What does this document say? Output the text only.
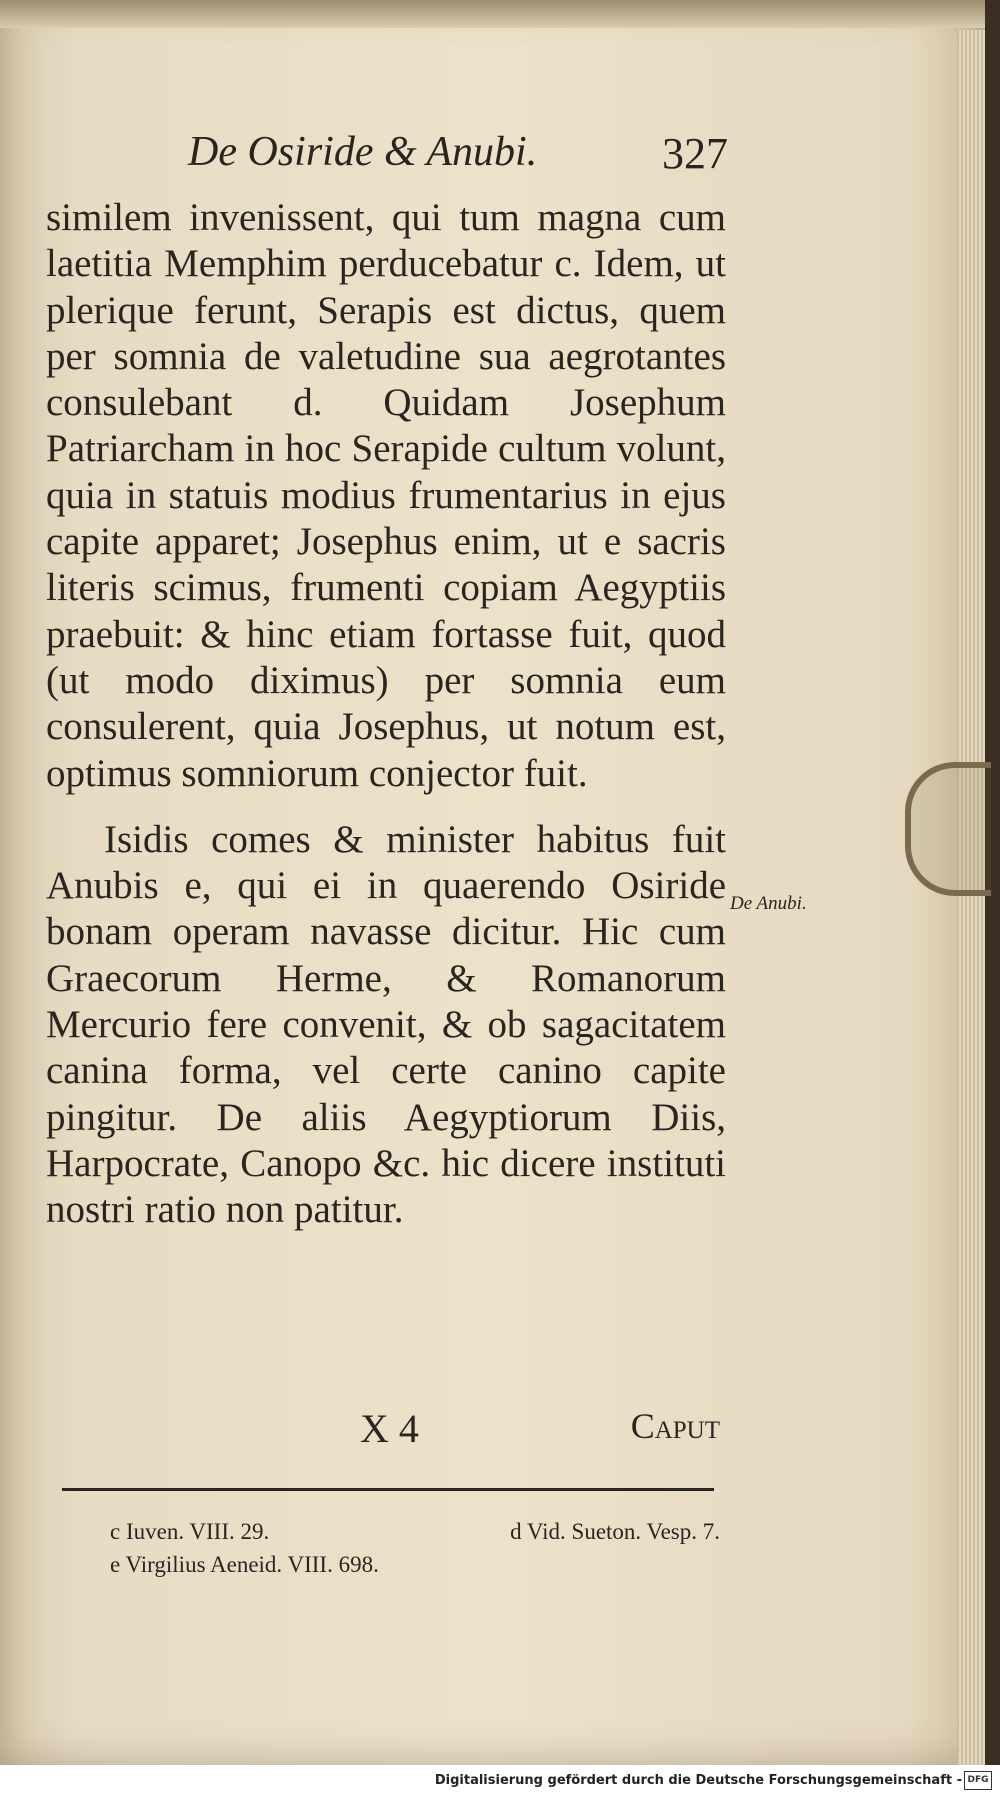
De Osiride & Anubi.	327

similem invenissent, qui tum magna cum laetitia Memphim perducebatur c. Idem, ut plerique ferunt, Serapis est dictus, quem per somnia de valetudine sua aegrotantes consulebant d. Quidam Josephum Patriarcham in hoc Serapide cultum volunt, quia in statuis modius frumentarius in ejus capite apparet; Josephus enim, ut e sacris literis scimus, frumenti copiam Aegyptiis praebuit: & hinc etiam fortasse fuit, quod (ut modo diximus) per somnia eum consulerent, quia Josephus, ut notum est, optimus somniorum conjector fuit.

Isidis comes & minister habitus fuit Anubis e, qui ei in quaerendo Osiride bonam operam navasse dicitur. Hic cum Graecorum Herme, & Romanorum Mercurio fere convenit, & ob sagacitatem canina forma, vel certe canino capite pingitur. De aliis Aegyptiorum Diis, Harpocrate, Canopo &c. hic dicere instituti nostri ratio non patitur.

De Anubi.
X 4	Caput
c Iuven. VIII. 29.	d Vid. Sueton. Vesp. 7.
e Virgilius Aeneid. VIII. 698.
Digitalisierung gefördert durch die Deutsche Forschungsgemeinschaft - DFG
